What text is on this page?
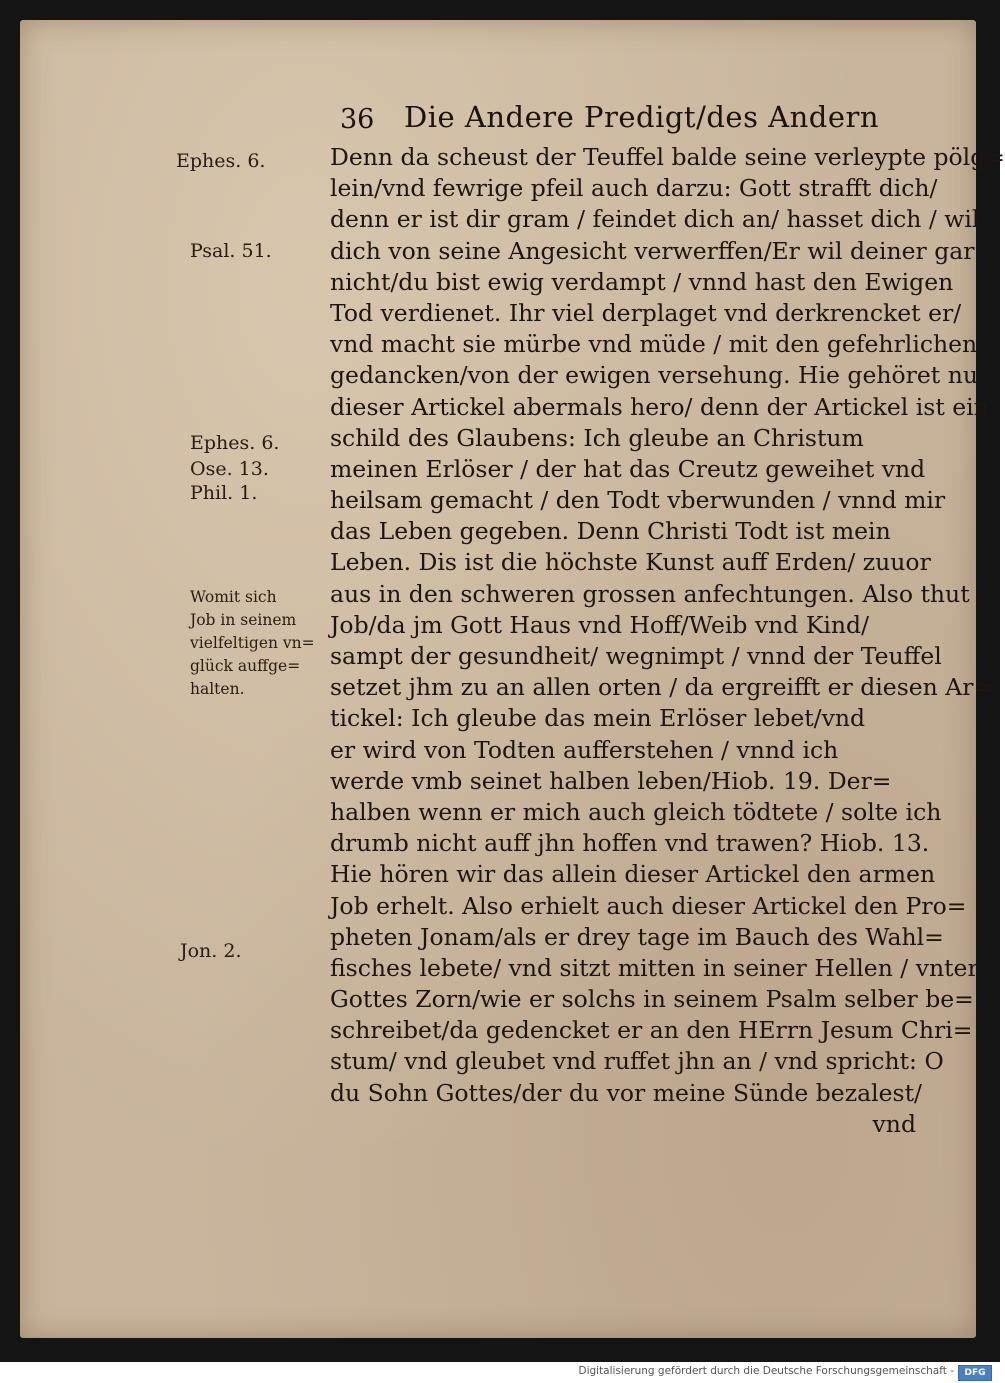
36 Die Andere Predigt/des Andern
Denn da scheust der Teuffel balde seine verleypte pölg=
lein/vnd fewrige pfeil auch darzu: Gott strafft dich/
denn er ist dir gram / feindet dich an/ hasset dich / wil
dich von seine Angesicht verwerffen/Er wil deiner gar
nicht/du bist ewig verdampt / vnnd hast den Ewigen
Tod verdienet. Ihr viel derplaget vnd derkrencket er/
vnd macht sie mürbe vnd müde / mit den gefehrlichen
gedancken/von der ewigen versehung. Hie gehöret nu
dieser Artickel abermals hero/ denn der Artickel ist ein
schild des Glaubens: Ich gleube an Christum
meinen Erlöser / der hat das Creutz geweihet vnd
heilsam gemacht / den Todt vberwunden / vnnd mir
das Leben gegeben. Denn Christi Todt ist mein
Leben. Dis ist die höchste Kunst auff Erden/ zuuor
aus in den schweren grossen anfechtungen. Also thut
Job/da jm Gott Haus vnd Hoff/Weib vnd Kind/
sampt der gesundheit/ wegnimpt / vnnd der Teuffel
setzet jhm zu an allen orten / da ergreifft er diesen Ar=
tickel: Ich gleube das mein Erlöser lebet/vnd
er wird von Todten aufferstehen / vnnd ich
werde vmb seinet halben leben/Hiob. 19. Der=
halben wenn er mich auch gleich tödtete / solte ich
drumb nicht auff jhn hoffen vnd trawen? Hiob. 13.
Hie hören wir das allein dieser Artickel den armen
Job erhelt. Also erhielt auch dieser Artickel den Pro=
pheten Jonam/als er drey tage im Bauch des Wahl=
fisches lebete/ vnd sitzt mitten in seiner Hellen / vnter
Gottes Zorn/wie er solchs in seinem Psalm selber be=
schreibet/da gedencket er an den HErrn Jesum Chri=
stum/ vnd gleubet vnd ruffet jhn an / vnd spricht: O
du Sohn Gottes/der du vor meine Sünde bezalest/
vnd
Ephes. 6.
Psal. 51.
Ephes. 6.
Ose. 13.
Phil. 1.
Womit sich
Job in seinem
vielfeltigen vn=
glück auffge=
halten.
Jon. 2.
Digitalisierung gefördert durch die Deutsche Forschungsgemeinschaft -	DFG
